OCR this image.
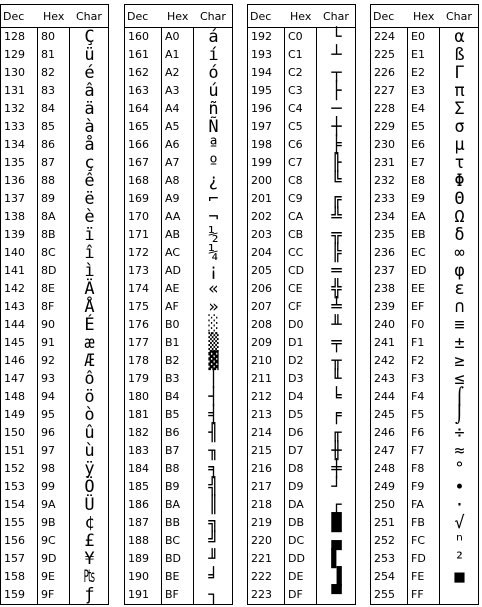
Dec Hex Char
128 80	Ç
129 81	ü
130 82	é
131 83	â
132 84	ä
133 85	à
134 86	å
135 87	ç
136 88	ê
137 89	ë
138 8A	è
139 8B	ï
140 8C	î
141 8D	ì
142 8E	Ä
143 8F	Å
144 90	É
145 91	æ
146 92	Æ
147 93	ô
148 94	ö
149 95	ò
150 96	û
151 97	ù
152 98	ÿ
153 99	Ö
154 9A	Ü
155 9B	¢
156 9C	£
157 9D	¥
158 9E	₧
159 9F	ƒ
Dec Hex Char
160 A0	á
161 A1	í
162 A2	ó
163 A3	ú
164 A4	ñ
165 A5	Ñ
166 A6	ª
167 A7	º
168 A8	¿
169 A9	⌐
170 AA	¬
171 AB	½
172 AC	¼
173 AD	¡
174 AE	«
175 AF	»
176 B0	░
177 B1	▒
178 B2	▓
179 B3	│
180 B4	┤
181 B5	╡
182 B6	╢
183 B7	╖
184 B8	╕
185 B9	╣
186 BA	║
187 BB	╗
188 BC	╝
189 BD	╜
190 BE	╛
191 BF	┐
Dec Hex Char
192 C0	└
193 C1	┴
194 C2	┬
195 C3	├
196 C4	─
197 C5	┼
198 C6	╞
199 C7	╟
200 C8	╚
201 C9	╔
202 CA	╩
203 CB	╦
204 CC	╠
205 CD	═
206 CE	╬
207 CF	╧
208 D0	╨
209 D1	╤
210 D2	╥
211 D3	╙
212 D4	╘
213 D5	╒
214 D6	╓
215 D7	╫
216 D8	╪
217 D9	┘
218 DA	┌
219 DB	█
220 DC	▄
221 DD	▌
222 DE	▐
223 DF	▀
Dec Hex Char
224 E0	α
225 E1	ß
226 E2	Γ
227 E3	π
228 E4	Σ
229 E5	σ
230 E6	µ
231 E7	τ
232 E8	Φ
233 E9	Θ
234 EA	Ω
235 EB	δ
236 EC	∞
237 ED	φ
238 EE	ε
239 EF	∩
240 F0	≡
241 F1	±
242 F2	≥
243 F3	≤
244 F4	⌠
245 F5	⌡
246 F6	÷
247 F7	≈
248 F8	°
249 F9	∙
250 FA	·
251 FB	√
252 FC	ⁿ
253 FD	²
254 FE	■
255 FF
